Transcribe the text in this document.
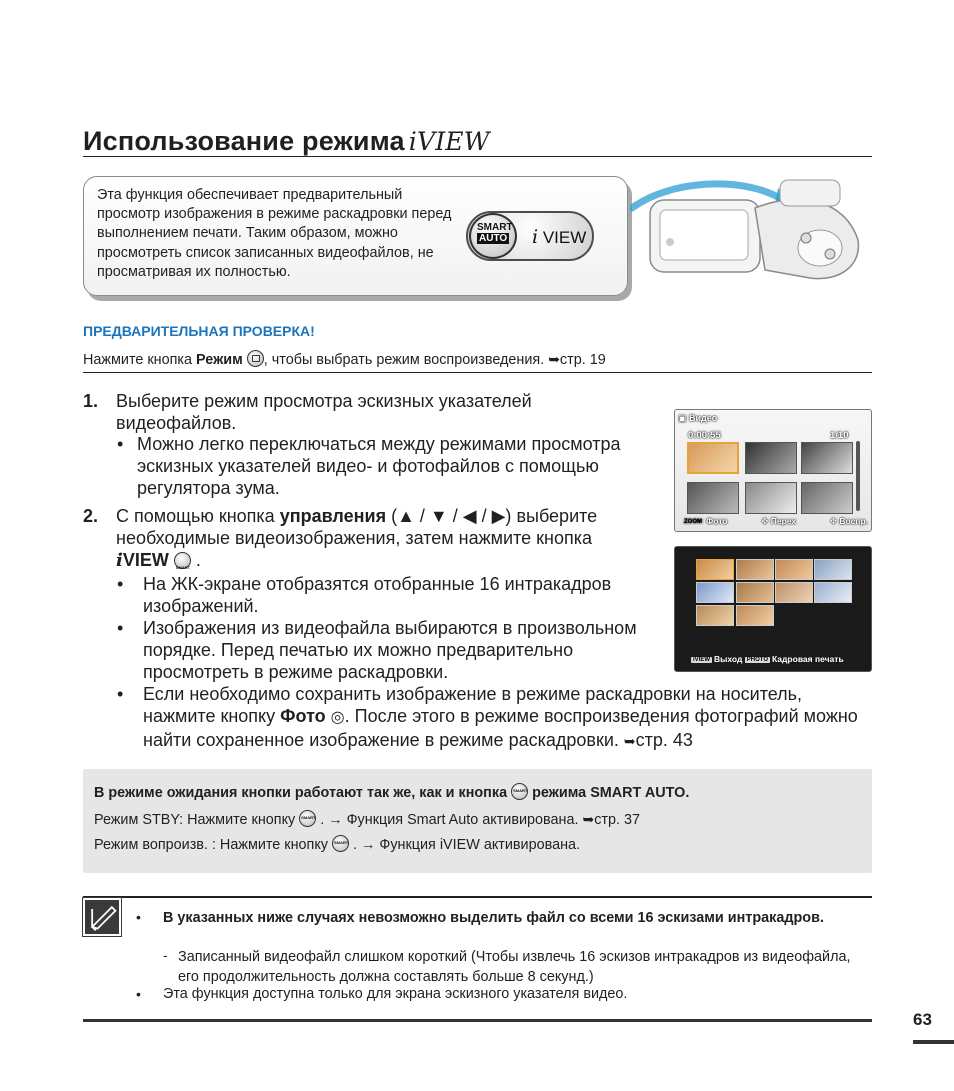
Использование режима iVIEW
Эта функция обеспечивает предварительный просмотр изображения в режиме раскадровки перед выполнением печати. Таким образом, можно просмотреть список записанных видеофайлов, не просматривая их полностью.
SMART
AUTO i VIEW
ПРЕДВАРИТЕЛЬНАЯ ПРОВЕРКА!
Нажмите кнопка Режим , чтобы выбрать режим воспроизведения. ➥стр. 19
1. Выберите режим просмотра эскизных указателей видеофайлов.
• Можно легко переключаться между режимами просмотра эскизных указателей видео- и фотофайлов с помощью регулятора зума.
2. С помощью кнопка управления (▲ / ▼ / ◀ / ▶) выберите необходимые видеоизображения, затем нажмите кнопка
iVIEW SMART .
• На ЖК-экране отобразятся отобранные 16 интракадров изображений.
• Изображения из видеофайла выбираются в произвольном порядке. Перед печатью их можно предварительно просмотреть в режиме раскадровки.
• Если необходимо сохранить изображение в режиме раскадровки на носитель, нажмите кнопку Фото ◎. После этого в режиме воспроизведения фотографий можно найти сохраненное изображение в режиме раскадровки. ➥стр. 43
▣ Видео
0:00:55	1/10
ZOOM Фото	✥ Перех	✥ Воспр.
iVIEW Выход PHOTO Кадровая печать
В режиме ожидания кнопки работают так же, как и кнопка SMART режима SMART AUTO.
Режим STBY: Нажмите кнопку SMART . → Функция Smart Auto активирована. ➥стр. 37
Режим вопроизв. : Нажмите кнопку SMART . → Функция iVIEW активирована.
• В указанных ниже случаях невозможно выделить файл со всеми 16 эскизами интракадров.
- Записанный видеофайл слишком короткий (Чтобы извлечь 16 эскизов интракадров из видеофайла, его продолжительность должна составлять больше 8 секунд.)
• Эта функция доступна только для экрана эскизного указателя видео.
63
